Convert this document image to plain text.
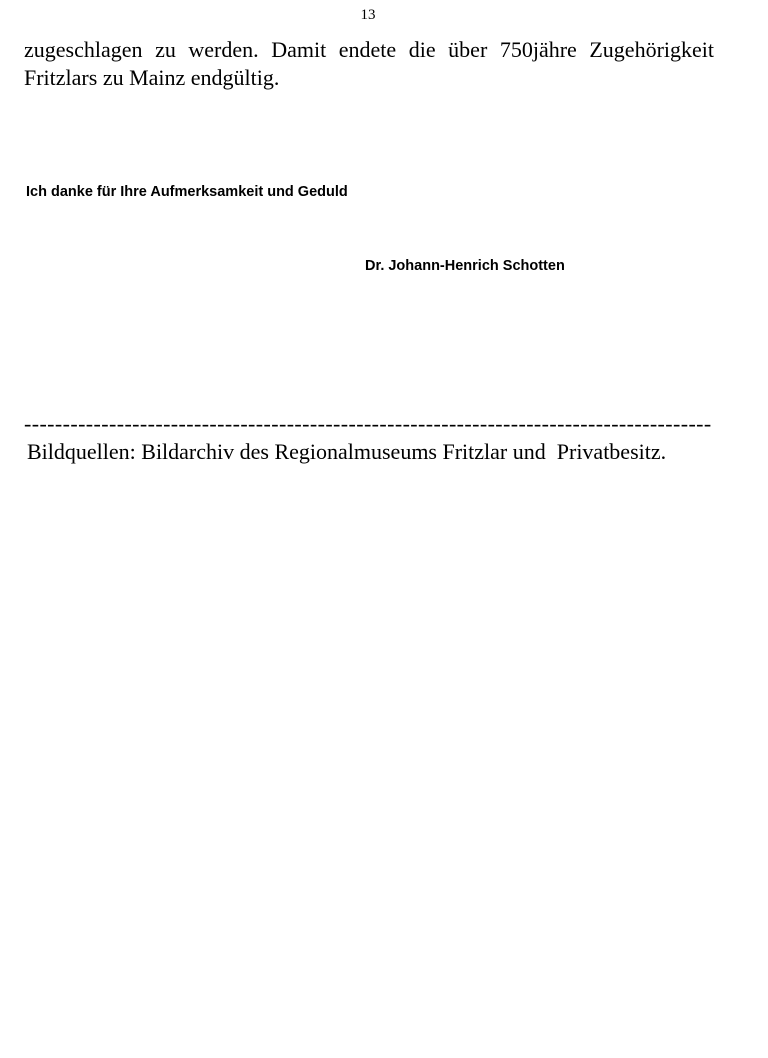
13

zugeschlagen zu werden. Damit endete die über 750jähre Zugehörigkeit Fritzlars zu Mainz endgültig.

Ich danke für Ihre Aufmerksamkeit und Geduld
Dr. Johann-Henrich Schotten
-----------------------------------------------------------------------------------------
Bildquellen: Bildarchiv des Regionalmuseums Fritzlar und  Privatbesitz.
